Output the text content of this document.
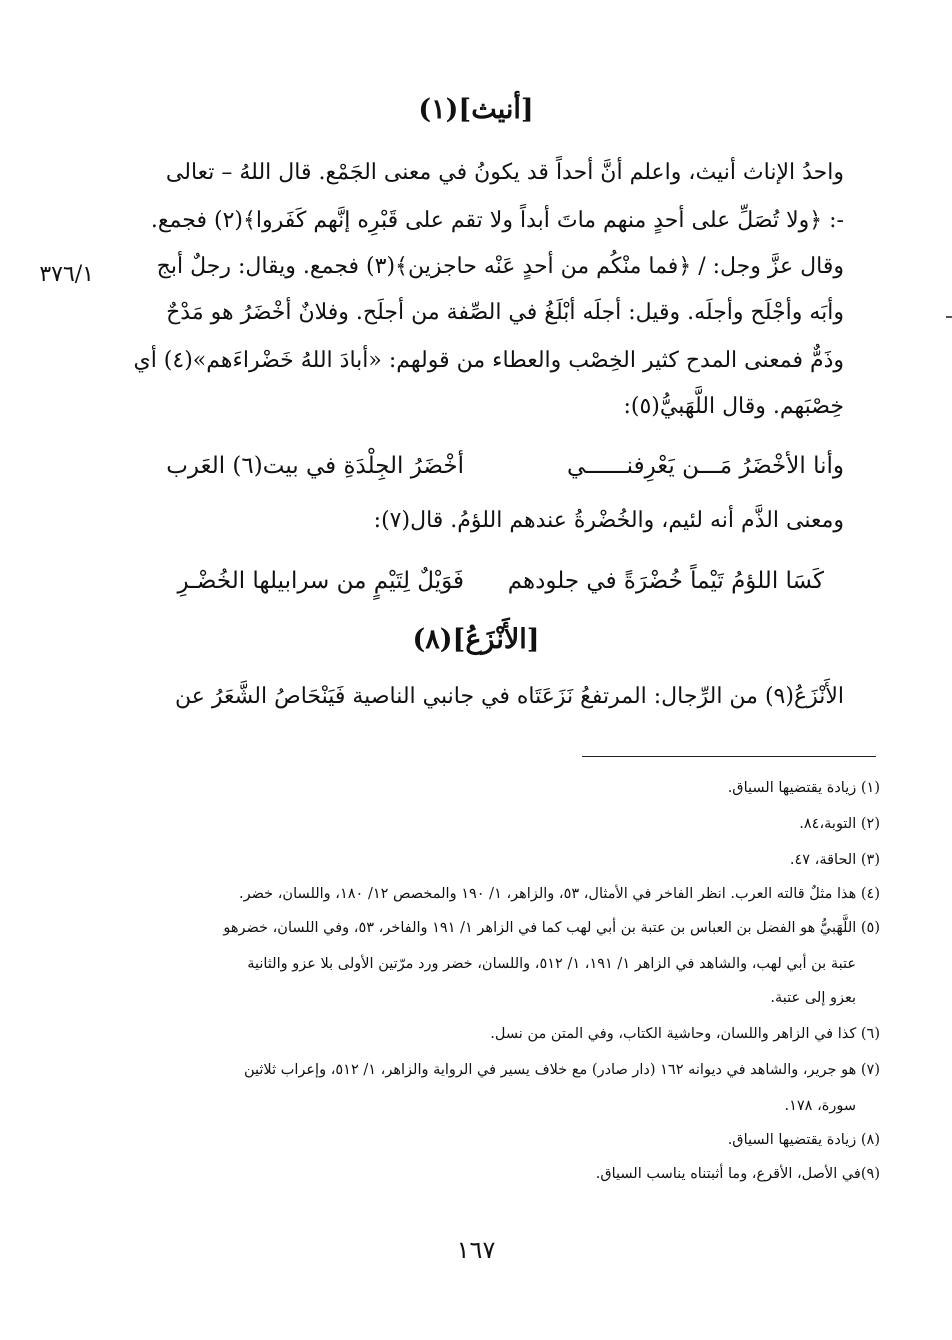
[أنيث](١)
واحدُ الإناث أنيث، واعلم أنَّ أحداً قد يكونُ في معنى الجَمْع. قال اللهُ – تعالى
-: ﴿ولا تُصَلِّ على أحدٍ منهم ماتَ أبداً ولا تقم على قَبْرِه إنَّهم كَفَروا﴾(٢) فجمع.
وقال عزَّ وجل: / ﴿فما منْكُم من أحدٍ عَنْه حاجزين﴾(٣) فجمع. ويقال: رجلٌ أبج
وأبَه وأجْلَح وأجلَه. وقيل: أجلَه أبْلَغُ في الصِّفة من أجلَح. وفلانٌ أخْضَرُ هو مَدْحٌ
وذَمٌّ فمعنى المدح كثير الخِصْب والعطاء من قولهم: «أبادَ اللهُ خَضْراءَهم»(٤) أي
خِصْبَهم. وقال اللَّهَبيُّ(٥):
٣٧٦/١
وأنا الأخْضَرُ مَـــن يَعْرِفنــــــي
أخْضَرُ الجِلْدَةِ في بيت(٦) العَرب
ومعنى الذَّم أنه لئيم، والخُضْرةُ عندهم اللؤمُ. قال(٧):
كَسَا اللؤمُ تَيْماً خُضْرَةً في جلودهم
فَوَيْلٌ لِتَيْمٍ من سرابيلها الخُضْـرِ
[الأَنْزَعُ](٨)
الأَنْزَعُ(٩) من الرِّجال: المرتفعُ نَزَعَتَاه في جانبي الناصية فَيَنْحَاصُ الشَّعَرُ عن
(١) زيادة يقتضيها السياق.
(٢) التوبة،٨٤.
(٣) الحاقة، ٤٧.
(٤) هذا مثلٌ قالته العرب. انظر الفاخر في الأمثال، ٥٣، والزاهر، ١/ ١٩٠ والمخصص ١٢/ ١٨٠، واللسان، خضر.
(٥) اللَّهَبيُّ هو الفضل بن العباس بن عتبة بن أبي لهب كما في الزاهر ١/ ١٩١ والفاخر، ٥٣، وفي اللسان، خضرهو
عتبة بن أبي لهب، والشاهد في الزاهر ١/ ١٩١، ١/ ٥١٢، واللسان، خضر ورد مرّتين الأولى بلا عزو والثانية
بعزو إلى عتبة.
(٦) كذا في الزاهر واللسان، وحاشية الكتاب، وفي المتن من نسل.
(٧) هو جرير، والشاهد في ديوانه ١٦٢ (دار صادر) مع خلاف يسير في الرواية والزاهر، ١/ ٥١٢، وإعراب ثلاثين
سورة، ١٧٨.
(٨) زيادة يقتضيها السياق.
(٩)في الأصل، الأقرع، وما أثبتناه يناسب السياق.
١٦٧
